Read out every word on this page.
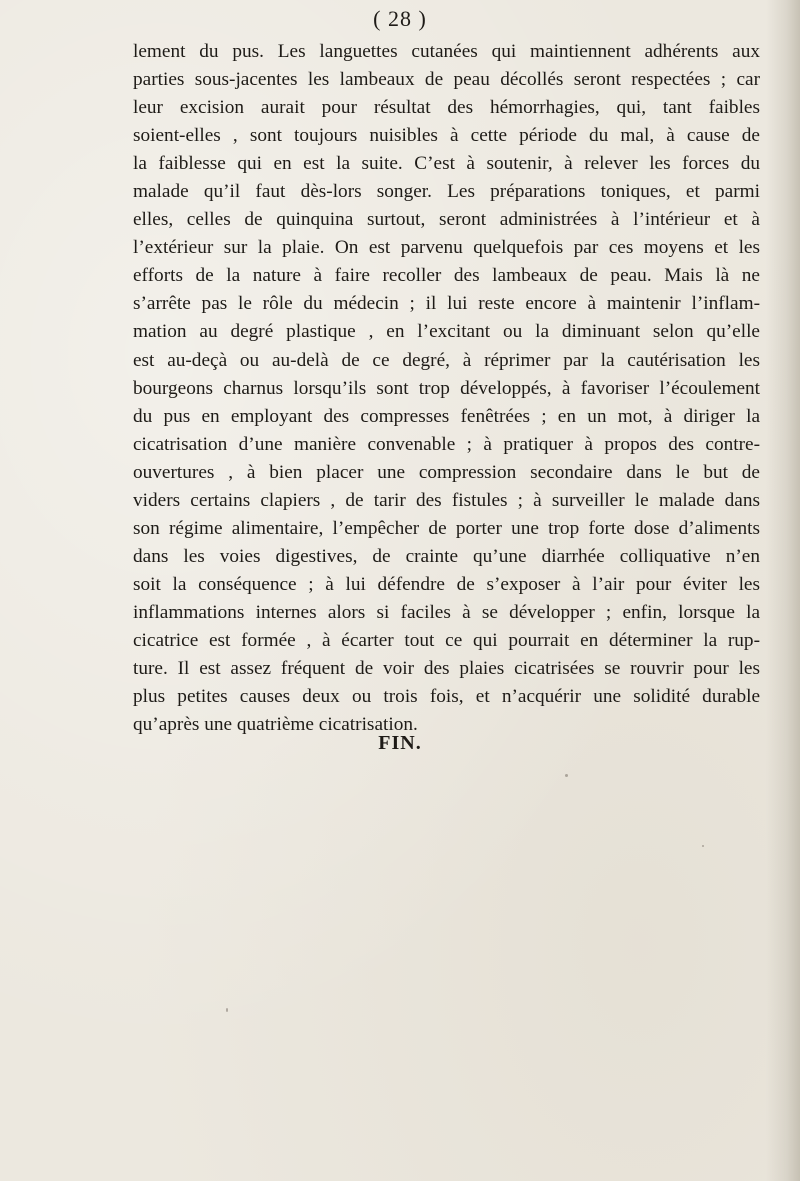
( 28 )
lement du pus. Les languettes cutanées qui maintiennent adhérents aux
parties sous-jacentes les lambeaux de peau décollés seront respectées ; car
leur excision aurait pour résultat des hémorrhagies, qui, tant faibles
soient-elles , sont toujours nuisibles à cette période du mal, à cause de
la faiblesse qui en est la suite. C’est à soutenir, à relever les forces du
malade qu’il faut dès-lors songer. Les préparations toniques, et parmi
elles, celles de quinquina surtout, seront administrées à l’intérieur et à
l’extérieur sur la plaie. On est parvenu quelquefois par ces moyens et les
efforts de la nature à faire recoller des lambeaux de peau. Mais là ne
s’arrête pas le rôle du médecin ; il lui reste encore à maintenir l’inflam-
mation au degré plastique , en l’excitant ou la diminuant selon qu’elle
est au-deçà ou au-delà de ce degré, à réprimer par la cautérisation les
bourgeons charnus lorsqu’ils sont trop développés, à favoriser l’écoulement
du pus en employant des compresses fenêtrées ; en un mot, à diriger la
cicatrisation d’une manière convenable ; à pratiquer à propos des contre-
ouvertures , à bien placer une compression secondaire dans le but de
viders certains clapiers , de tarir des fistules ; à surveiller le malade dans
son régime alimentaire, l’empêcher de porter une trop forte dose d’aliments
dans les voies digestives, de crainte qu’une diarrhée colliquative n’en
soit la conséquence ; à lui défendre de s’exposer à l’air pour éviter les
inflammations internes alors si faciles à se développer ; enfin, lorsque la
cicatrice est formée , à écarter tout ce qui pourrait en déterminer la rup-
ture. Il est assez fréquent de voir des plaies cicatrisées se rouvrir pour les
plus petites causes deux ou trois fois, et n’acquérir une solidité durable
qu’après une quatrième cicatrisation.
FIN.
